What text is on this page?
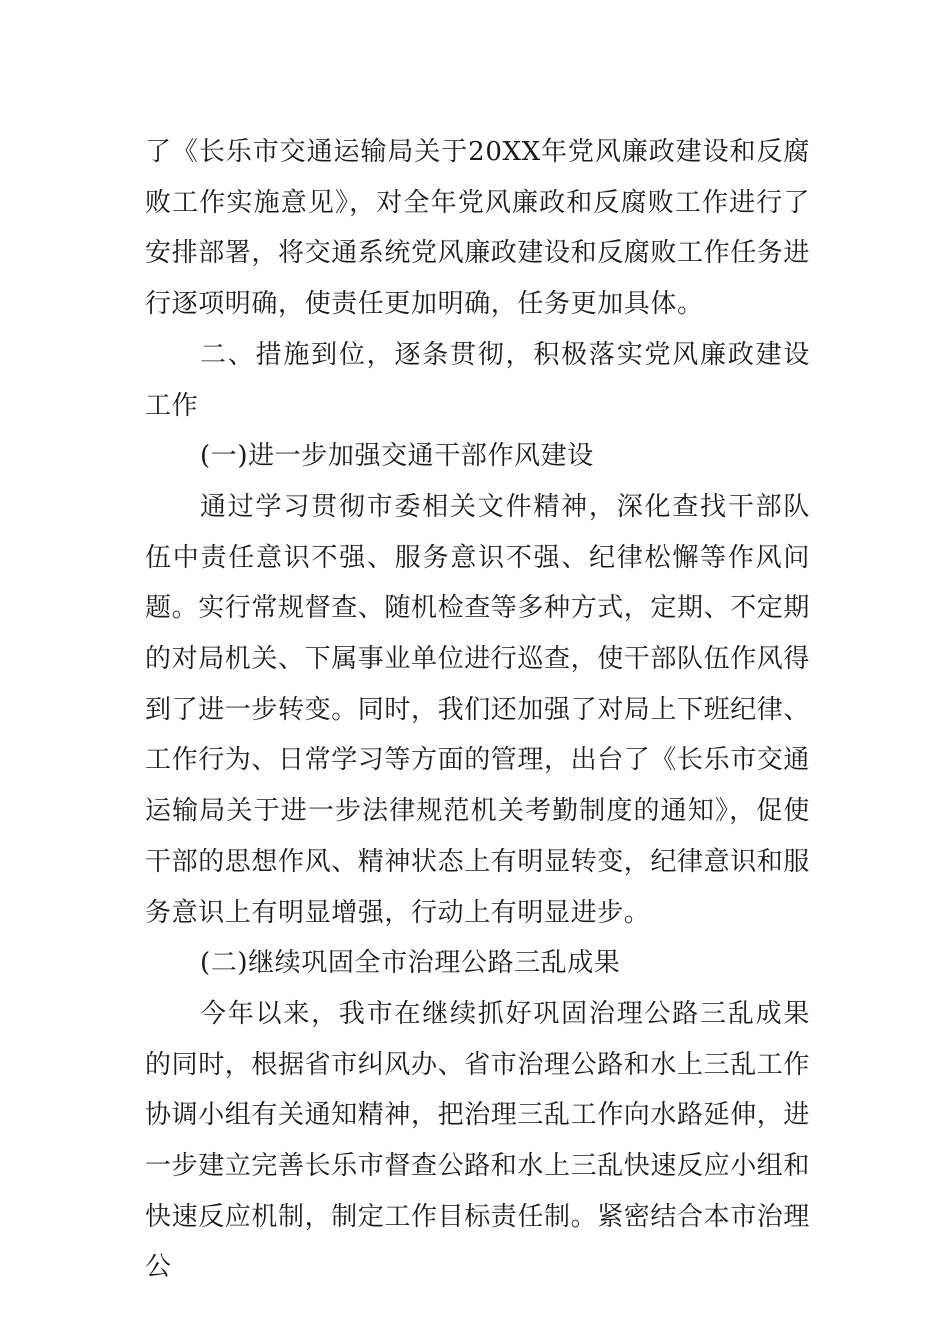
了《长乐市交通运输局关于20XX年党风廉政建设和反腐败工作实施意见》，对全年党风廉政和反腐败工作进行了安排部署，将交通系统党风廉政建设和反腐败工作任务进行逐项明确，使责任更加明确，任务更加具体。

二、措施到位，逐条贯彻，积极落实党风廉政建设工作

(一)进一步加强交通干部作风建设

通过学习贯彻市委相关文件精神，深化查找干部队伍中责任意识不强、服务意识不强、纪律松懈等作风问题。实行常规督查、随机检查等多种方式，定期、不定期的对局机关、下属事业单位进行巡查，使干部队伍作风得到了进一步转变。同时，我们还加强了对局上下班纪律、工作行为、日常学习等方面的管理，出台了《长乐市交通运输局关于进一步法律规范机关考勤制度的通知》，促使干部的思想作风、精神状态上有明显转变，纪律意识和服务意识上有明显增强，行动上有明显进步。

(二)继续巩固全市治理公路三乱成果

今年以来，我市在继续抓好巩固治理公路三乱成果的同时，根据省市纠风办、省市治理公路和水上三乱工作协调小组有关通知精神，把治理三乱工作向水路延伸，进一步建立完善长乐市督查公路和水上三乱快速反应小组和快速反应机制，制定工作目标责任制。紧密结合本市治理公
